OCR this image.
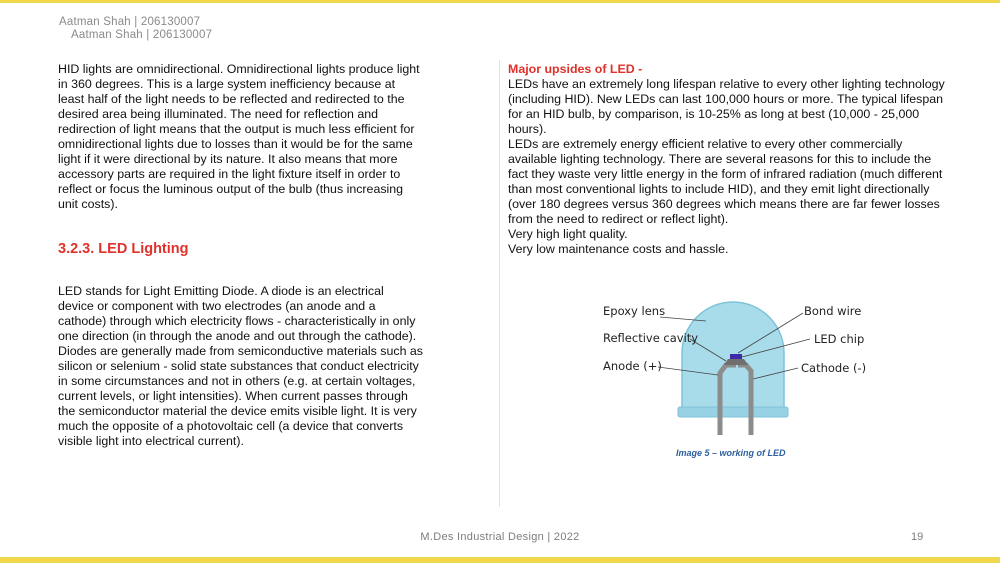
Aatman Shah | 206130007
Aatman Shah | 206130007

HID lights are omnidirectional. Omnidirectional lights produce light in 360 degrees. This is a large system inefficiency because at least half of the light needs to be reflected and redirected to the desired area being illuminated. The need for reflection and redirection of light means that the output is much less efficient for omnidirectional lights due to losses than it would be for the same light if it were directional by its nature. It also means that more accessory parts are required in the light fixture itself in order to reflect or focus the luminous output of the bulb (thus increasing unit costs).

3.2.3. LED Lighting

LED stands for Light Emitting Diode. A diode is an electrical device or component with two electrodes (an anode and a cathode) through which electricity flows - characteristically in only one direction (in through the anode and out through the cathode). Diodes are generally made from semiconductive materials such as silicon or selenium - solid state substances that conduct electricity in some circumstances and not in others (e.g. at certain voltages, current levels, or light intensities). When current passes through the semiconductor material the device emits visible light. It is very much the opposite of a photovoltaic cell (a device that converts visible light into electrical current).

Major upsides of LED -
LEDs have an extremely long lifespan relative to every other lighting technology (including HID). New LEDs can last 100,000 hours or more. The typical lifespan for an HID bulb, by comparison, is 10-25% as long at best (10,000 - 25,000 hours).
LEDs are extremely energy efficient relative to every other commercially available lighting technology. There are several reasons for this to include the fact they waste very little energy in the form of infrared radiation (much different than most conventional lights to include HID), and they emit light directionally (over 180 degrees versus 360 degrees which means there are far fewer losses from the need to redirect or reflect light).
Very high light quality.
Very low maintenance costs and hassle.
Epoxy lens
Reflective cavity
Anode (+)
Bond wire
LED chip
Cathode (-)
Image 5 – working of LED
M.Des Industrial Design | 2022	19
